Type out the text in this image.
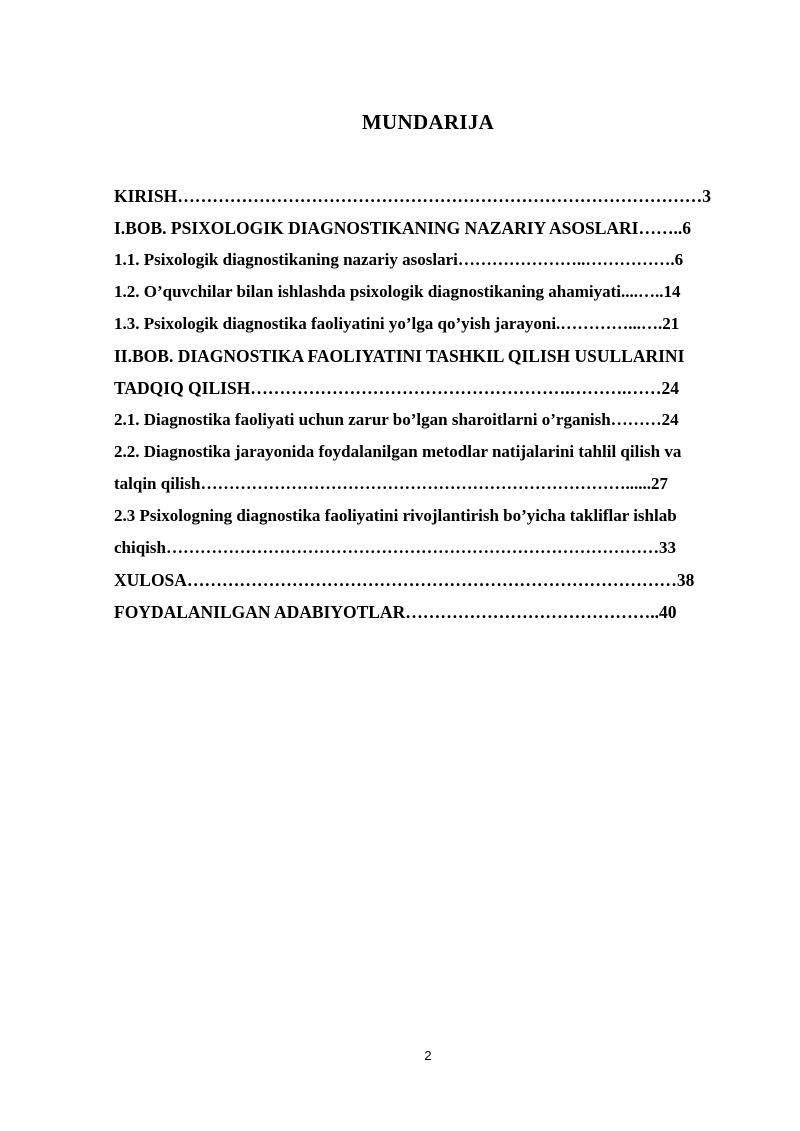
MUNDARIJA
KIRISH………………………………………………………………………………3
I.BOB. PSIXOLOGIK DIAGNOSTIKANING NAZARIY ASOSLARI……..6
1.1. Psixologik diagnostikaning nazariy asoslari…………………..…………….6
1.2. O’quvchilar bilan ishlashda psixologik diagnostikaning ahamiyati....…..14
1.3. Psixologik diagnostika faoliyatini yo’lga qo’yish jarayoni.…………...….21
II.BOB. DIAGNOSTIKA FAOLIYATINI TASHKIL QILISH USULLARINI
TADQIQ QILISH……………………………………………….……….……24
2.1. Diagnostika faoliyati uchun zarur bo’lgan sharoitlarni o’rganish………24
2.2. Diagnostika jarayonida foydalanilgan metodlar natijalarini tahlil qilish va
talqin qilish…………………………………………………………………......27
2.3 Psixologning diagnostika faoliyatini rivojlantirish bo’yicha takliflar ishlab
chiqish……………………………………………………………………………33
XULOSA…………………………………………………………………………38
FOYDALANILGAN ADABIYOTLAR……………………………………..40
2
